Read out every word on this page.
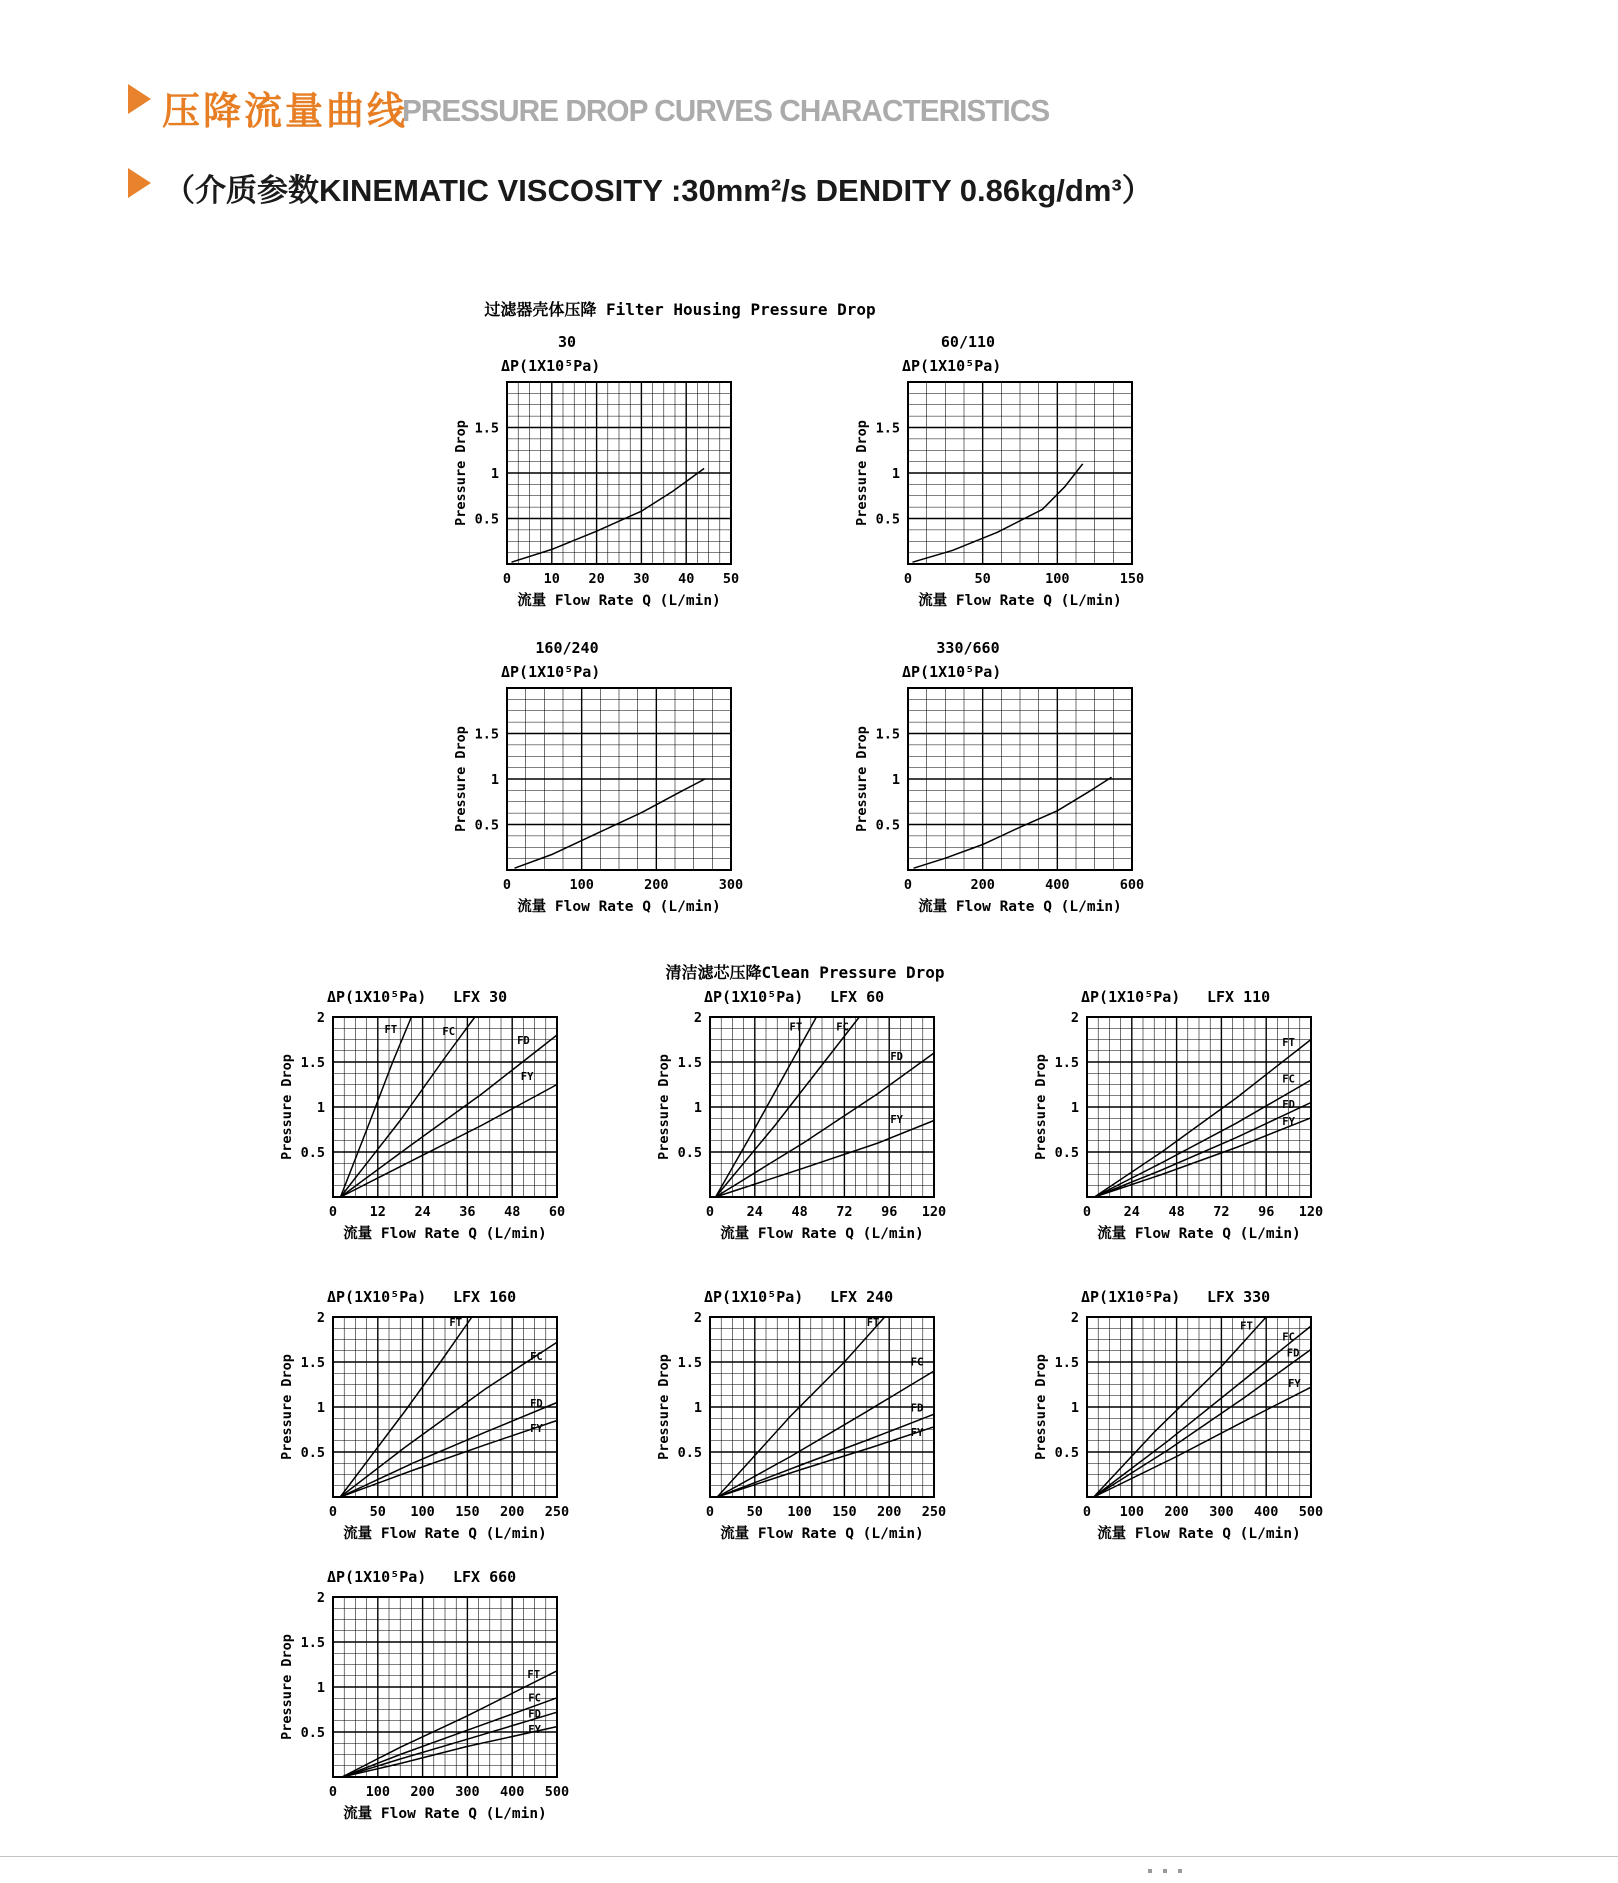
压降流量曲线
PRESSURE DROP CURVES CHARACTERISTICS
（介质参数KINEMATIC VISCOSITY :30mm²/s DENDITY 0.86kg/dm³）
过滤器壳体压降 Filter Housing Pressure Drop
清洁滤芯压降Clean Pressure Drop
30
ΔP(1X10⁵Pa)
0 10 20 30 40 50
0.5
1
1.5
Pressure Drop
流量 Flow Rate Q (L/min)
60/110
ΔP(1X10⁵Pa)
0	50	100	150
0.5
1
1.5
Pressure Drop
流量 Flow Rate Q (L/min)
160/240
ΔP(1X10⁵Pa)
0	100	200	300
0.5
1
1.5
Pressure Drop
流量 Flow Rate Q (L/min)
330/660
ΔP(1X10⁵Pa)
0	200	400	600
0.5
1
1.5
Pressure Drop
流量 Flow Rate Q (L/min)
ΔP(1X10⁵Pa) LFX 30
FT	FC
FD
FY
0 12 24 36 48 60
0.5
1
1.5
2
Pressure Drop
流量 Flow Rate Q (L/min)
ΔP(1X10⁵Pa) LFX 60
FT	FC
FD
FY
0 24 48 72 96 120
0.5
1
1.5
2
Pressure Drop
流量 Flow Rate Q (L/min)
ΔP(1X10⁵Pa) LFX 110
FT
FC
FD
FY
0 24 48 72 96 120
0.5
1
1.5
2
Pressure Drop
流量 Flow Rate Q (L/min)
ΔP(1X10⁵Pa) LFX 160
FT
FC
FD
FY
0 50 100 150 200 250
0.5
1
1.5
2
Pressure Drop
流量 Flow Rate Q (L/min)
ΔP(1X10⁵Pa) LFX 240
FT
FC
FD
FY
0 50 100 150 200 250
0.5
1
1.5
2
Pressure Drop
流量 Flow Rate Q (L/min)
ΔP(1X10⁵Pa) LFX 330
FT
FC
FD
FY
0 100 200 300 400 500
0.5
1
1.5
2
Pressure Drop
流量 Flow Rate Q (L/min)
ΔP(1X10⁵Pa) LFX 660
FT
FC
FD
FY
0 100 200 300 400 500
0.5
1
1.5
2
Pressure Drop
流量 Flow Rate Q (L/min)
